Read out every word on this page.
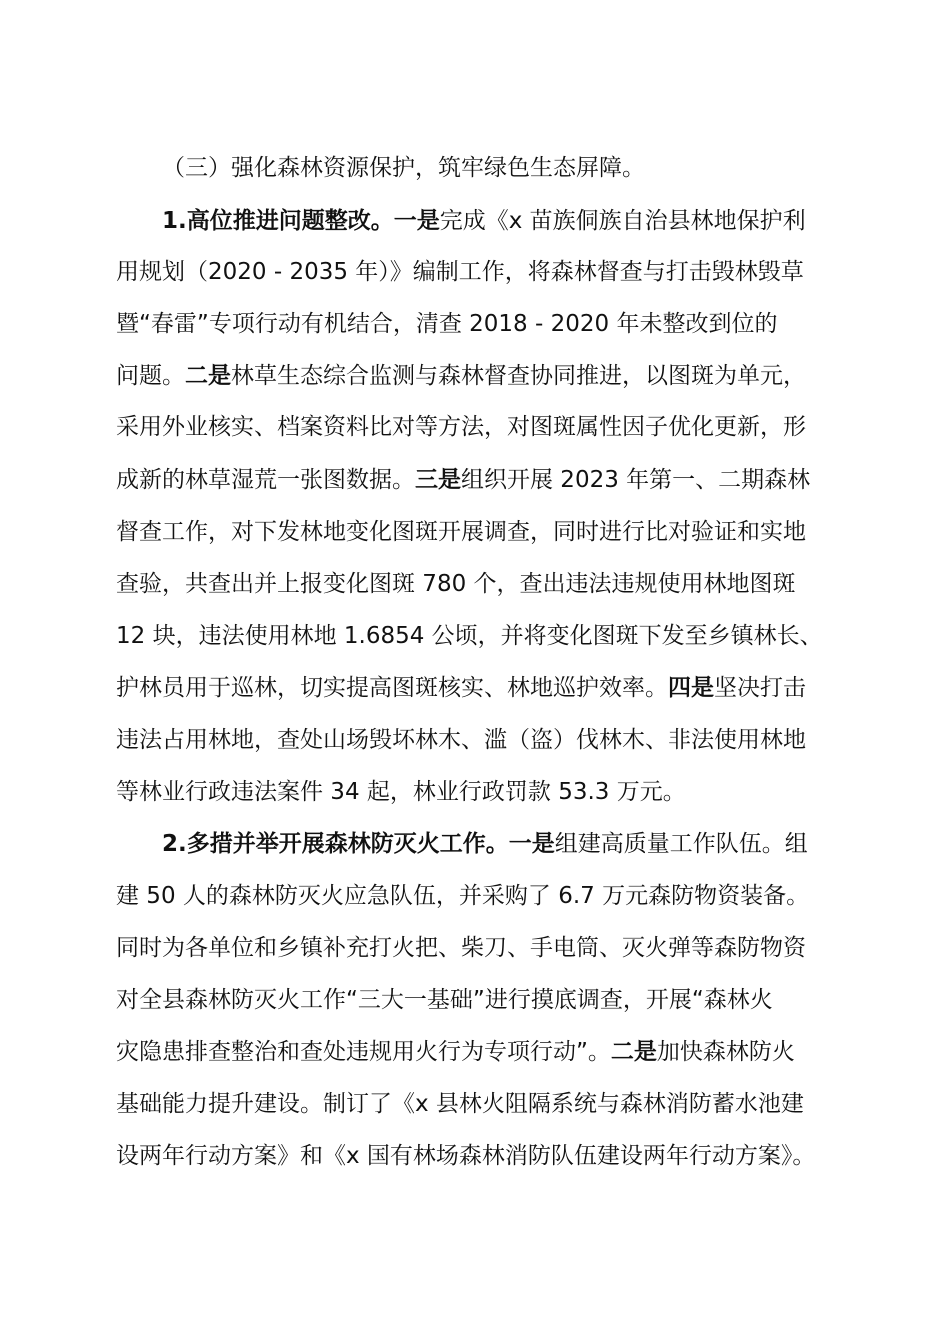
（三）强化森林资源保护，筑牢绿色生态屏障。
1.高位推进问题整改。一是完成《x 苗族侗族自治县林地保护利
用规划（2020 - 2035 年）》编制工作，将森林督查与打击毁林毁草
暨“春雷”专项行动有机结合，清查 2018 - 2020 年未整改到位的
问题。二是林草生态综合监测与森林督查协同推进，以图斑为单元，
采用外业核实、档案资料比对等方法，对图斑属性因子优化更新，形
成新的林草湿荒一张图数据。三是组织开展 2023 年第一、二期森林
督查工作，对下发林地变化图斑开展调查，同时进行比对验证和实地
查验，共查出并上报变化图斑 780 个，查出违法违规使用林地图斑
12 块，违法使用林地 1.6854 公顷，并将变化图斑下发至乡镇林长、
护林员用于巡林，切实提高图斑核实、林地巡护效率。四是坚决打击
违法占用林地，查处山场毁坏林木、滥（盗）伐林木、非法使用林地
等林业行政违法案件 34 起，林业行政罚款 53.3 万元。
2.多措并举开展森林防灭火工作。一是组建高质量工作队伍。组
建 50 人的森林防灭火应急队伍，并采购了 6.7 万元森防物资装备。
同时为各单位和乡镇补充打火把、柴刀、手电筒、灭火弹等森防物资
对全县森林防灭火工作“三大一基础”进行摸底调查，开展“森林火
灾隐患排查整治和查处违规用火行为专项行动”。二是加快森林防火
基础能力提升建设。制订了《x 县林火阻隔系统与森林消防蓄水池建
设两年行动方案》和《x 国有林场森林消防队伍建设两年行动方案》。
